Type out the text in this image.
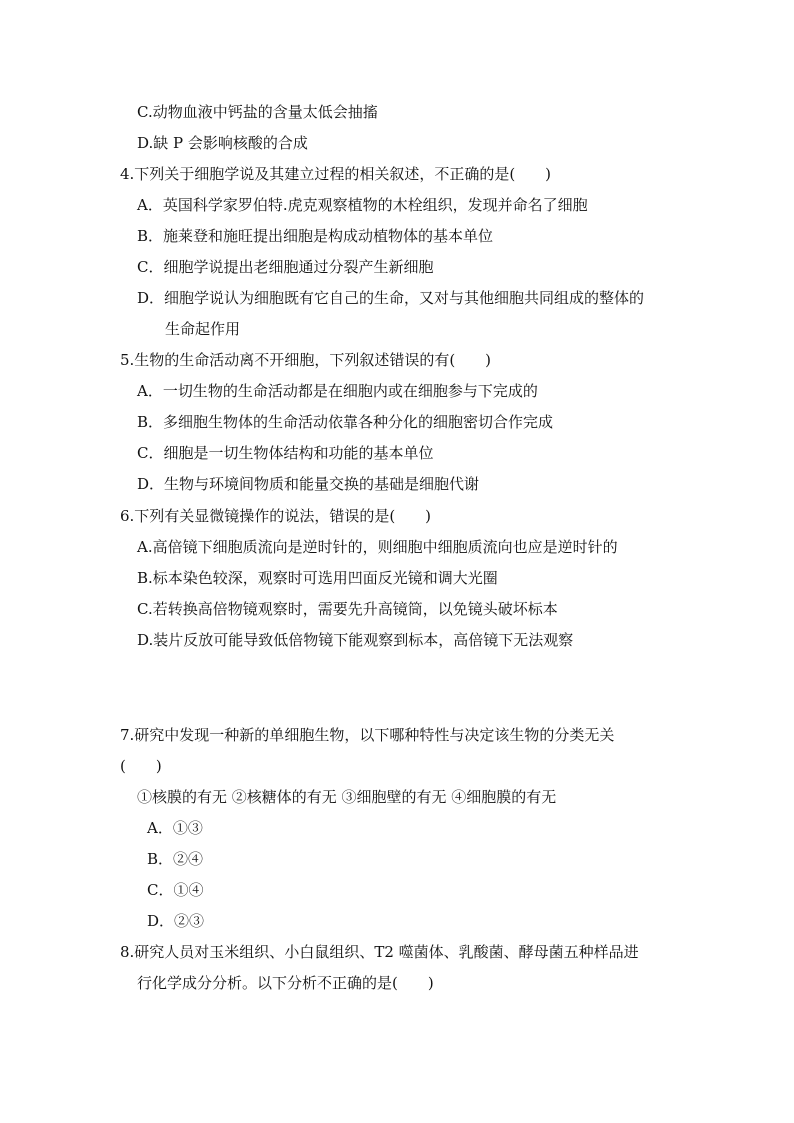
C.动物血液中钙盐的含量太低会抽搐
D.缺 P 会影响核酸的合成
4.下列关于细胞学说及其建立过程的相关叙述，不正确的是(　　)
A．英国科学家罗伯特.虎克观察植物的木栓组织，发现并命名了细胞
B．施莱登和施旺提出细胞是构成动植物体的基本单位
C．细胞学说提出老细胞通过分裂产生新细胞
D．细胞学说认为细胞既有它自己的生命，又对与其他细胞共同组成的整体的
生命起作用
5.生物的生命活动离不开细胞，下列叙述错误的有(　　)
A．一切生物的生命活动都是在细胞内或在细胞参与下完成的
B．多细胞生物体的生命活动依靠各种分化的细胞密切合作完成
C．细胞是一切生物体结构和功能的基本单位
D．生物与环境间物质和能量交换的基础是细胞代谢
6.下列有关显微镜操作的说法，错误的是(　　)
A.高倍镜下细胞质流向是逆时针的，则细胞中细胞质流向也应是逆时针的
B.标本染色较深，观察时可选用凹面反光镜和调大光圈
C.若转换高倍物镜观察时，需要先升高镜筒，以免镜头破坏标本
D.装片反放可能导致低倍物镜下能观察到标本，高倍镜下无法观察
7.研究中发现一种新的单细胞生物，以下哪种特性与决定该生物的分类无关
(　　)
①核膜的有无 ②核糖体的有无 ③细胞壁的有无 ④细胞膜的有无
A．①③
B．②④
C．①④
D．②③
8.研究人员对玉米组织、小白鼠组织、T2 噬菌体、乳酸菌、酵母菌五种样品进
行化学成分分析。以下分析不正确的是(　　)
